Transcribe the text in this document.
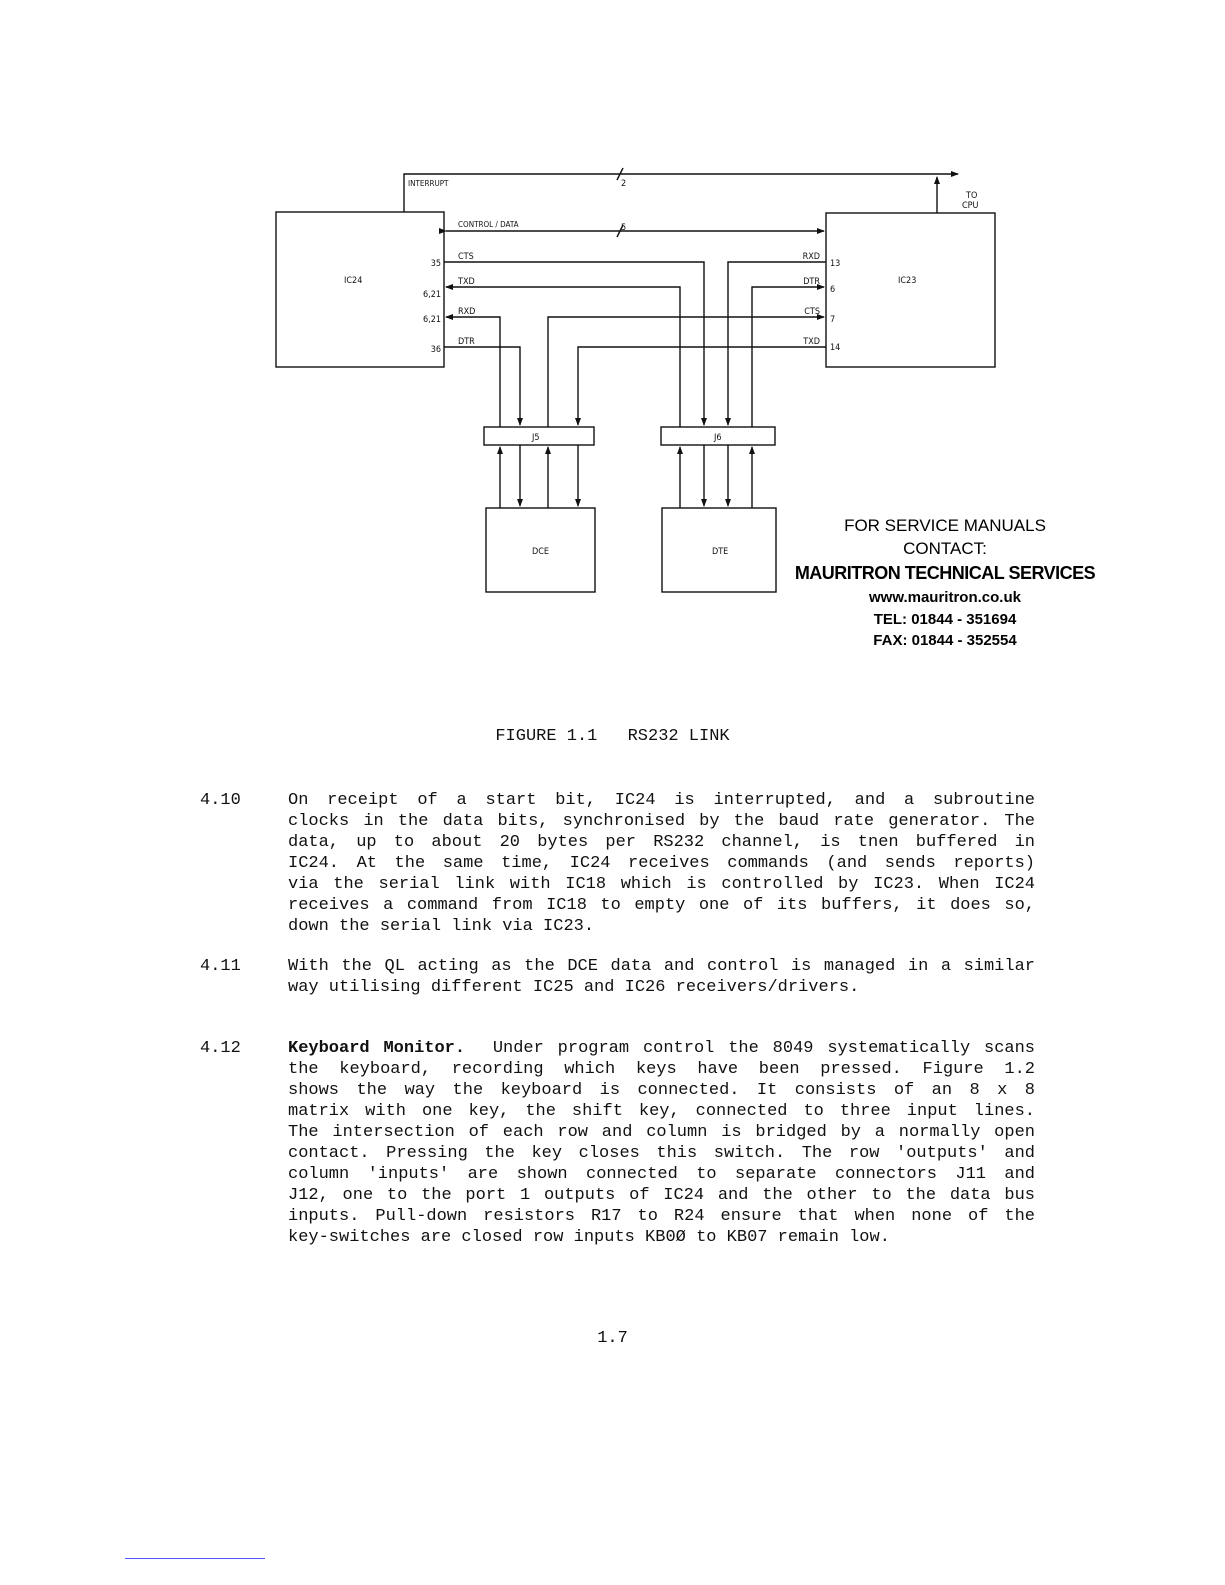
INTERRUPT	2
CONTROL / DATA	5
TO
CPU
IC24	IC23
35
CTS
6,21
TXD
6,21
RXD
36
DTR
13
RXD
6
DTR
7
CTS
14
TXD
J5	J6
DCE	DTE
FOR SERVICE MANUALS
CONTACT:
MAURITRON TECHNICAL SERVICES
www.mauritron.co.uk
TEL: 01844 - 351694
FAX: 01844 - 352554
FIGURE 1.1 RS232 LINK
4.10	On receipt of a start bit, IC24 is interrupted, and a subroutine
clocks in the data bits, synchronised by the baud rate generator. The
data, up to about 20 bytes per RS232 channel, is tnen buffered in
IC24. At the same time, IC24 receives commands (and sends reports)
via the serial link with IC18 which is controlled by IC23. When IC24
receives a command from IC18 to empty one of its buffers, it does so,
down the serial link via IC23.
4.11	With the QL acting as the DCE data and control is managed in a similar
way utilising different IC25 and IC26 receivers/drivers.
4.12	Keyboard Monitor. Under program control the 8049 systematically scans
the keyboard, recording which keys have been pressed. Figure 1.2
shows the way the keyboard is connected. It consists of an 8 x 8
matrix with one key, the shift key, connected to three input lines.
The intersection of each row and column is bridged by a normally open
contact. Pressing the key closes this switch. The row 'outputs' and
column 'inputs' are shown connected to separate connectors J11 and
J12, one to the port 1 outputs of IC24 and the other to the data bus
inputs. Pull-down resistors R17 to R24 ensure that when none of the
key-switches are closed row inputs KB0Ø to KB07 remain low.
1.7
